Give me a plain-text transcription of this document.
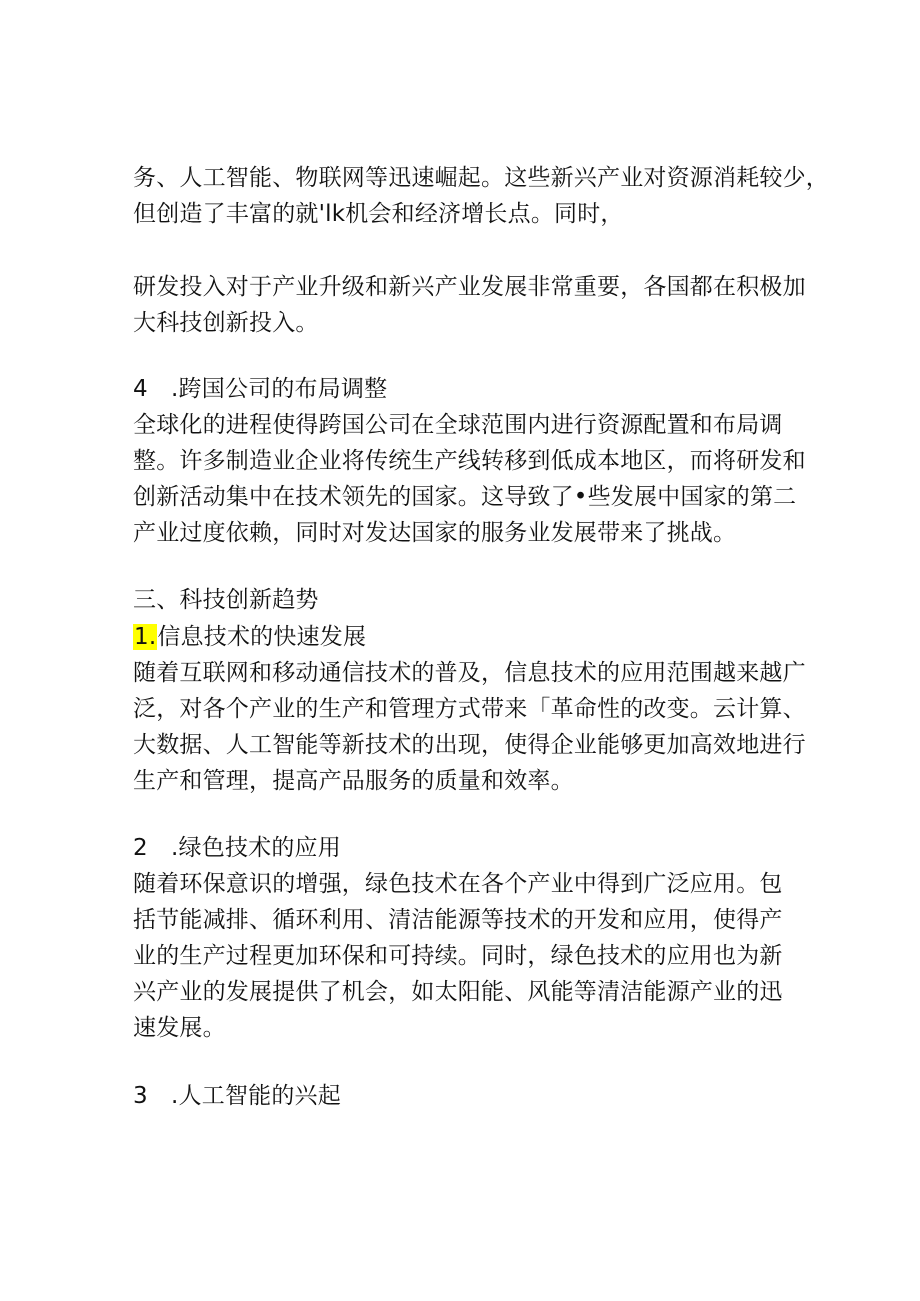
务、人工智能、物联网等迅速崛起。这些新兴产业对资源消耗较少，
但创造了丰富的就'lk机会和经济增长点。同时，
研发投入对于产业升级和新兴产业发展非常重要，各国都在积极加
大科技创新投入。
4　.跨国公司的布局调整
全球化的进程使得跨国公司在全球范围内进行资源配置和布局调
整。许多制造业企业将传统生产线转移到低成本地区，而将研发和
创新活动集中在技术领先的国家。这导致了•些发展中国家的第二
产业过度依赖，同时对发达国家的服务业发展带来了挑战。
三、科技创新趋势
1.信息技术的快速发展
随着互联网和移动通信技术的普及，信息技术的应用范围越来越广
泛，对各个产业的生产和管理方式带来「革命性的改变。云计算、
大数据、人工智能等新技术的出现，使得企业能够更加高效地进行
生产和管理，提高产品服务的质量和效率。
2　.绿色技术的应用
随着环保意识的增强，绿色技术在各个产业中得到广泛应用。包
括节能减排、循环利用、清洁能源等技术的开发和应用，使得产
业的生产过程更加环保和可持续。同时，绿色技术的应用也为新
兴产业的发展提供了机会，如太阳能、风能等清洁能源产业的迅
速发展。
3　.人工智能的兴起
